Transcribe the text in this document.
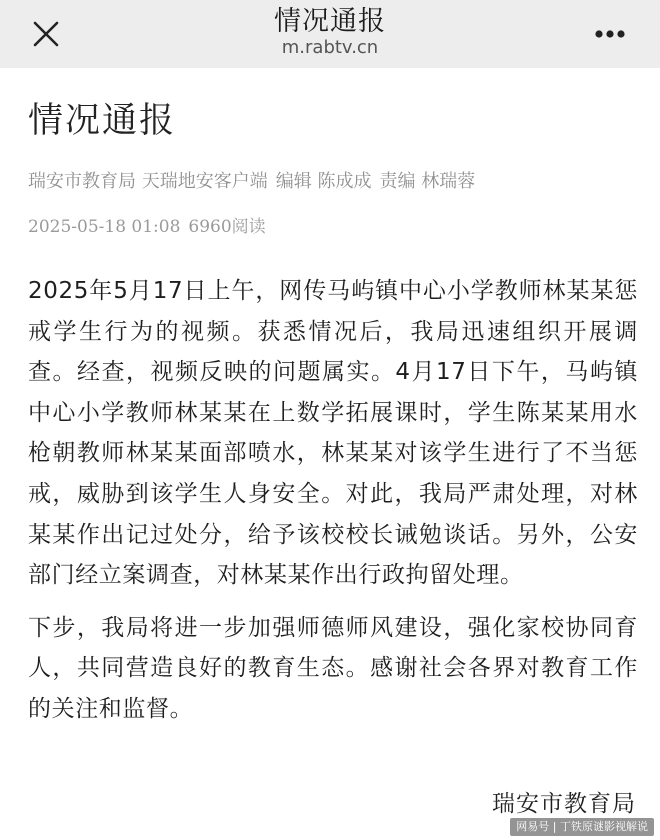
情况通报
m.rabtv.cn
情况通报
瑞安市教育局 天瑞地安客户端 编辑 陈成成 责编 林瑞蓉
2025-05-18 01:08 6960阅读

2025年5月17日上午，网传马屿镇中心小学教师林某某惩戒学生行为的视频。获悉情况后，我局迅速组织开展调查。经查，视频反映的问题属实。4月17日下午，马屿镇中心小学教师林某某在上数学拓展课时，学生陈某某用水枪朝教师林某某面部喷水，林某某对该学生进行了不当惩戒，威胁到该学生人身安全。对此，我局严肃处理，对林某某作出记过处分，给予该校校长诫勉谈话。另外，公安部门经立案调查，对林某某作出行政拘留处理。

下步，我局将进一步加强师德师风建设，强化家校协同育人，共同营造良好的教育生态。感谢社会各界对教育工作的关注和监督。

瑞安市教育局
网易号 | 丁铁原谜影视解说
